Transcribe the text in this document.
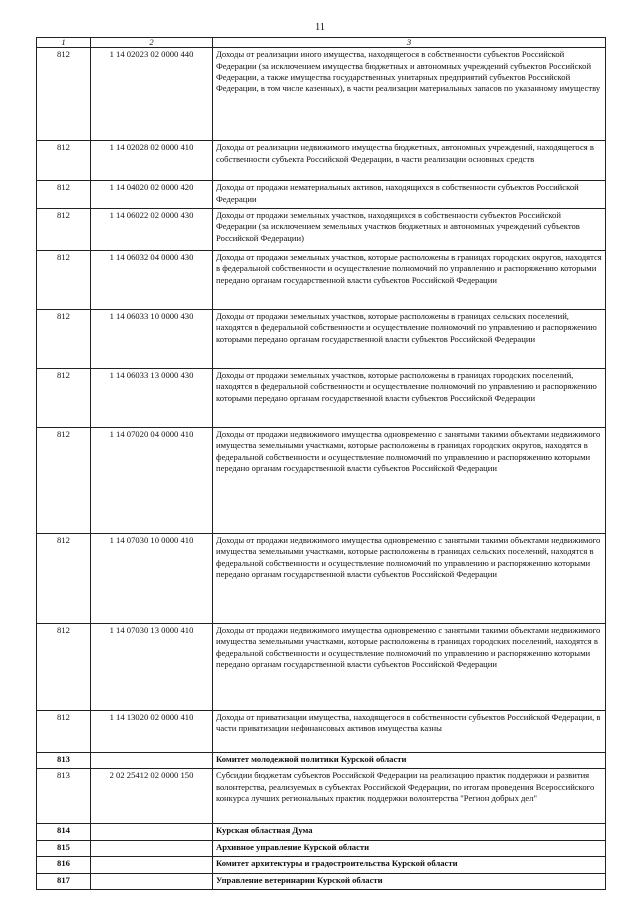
11
1	2	3
812	1 14 02023 02 0000 440	Доходы от реализации иного имущества, находящегося в собственности субъектов Российской Федерации (за исключением имущества бюджетных и автономных учреждений субъектов Российской Федерации, а также имущества государственных унитарных предприятий субъектов Российской Федерации, в том числе казенных), в части реализации материальных запасов по указанному имуществу
812	1 14 02028 02 0000 410	Доходы от реализации недвижимого имущества бюджетных, автономных учреждений, находящегося в собственности субъекта Российской Федерации, в части реализации основных средств
812	1 14 04020 02 0000 420	Доходы от продажи нематериальных активов, находящихся в собственности субъектов Российской Федерации
812	1 14 06022 02 0000 430	Доходы от продажи земельных участков, находящихся в собственности субъектов Российской Федерации (за исключением земельных участков бюджетных и автономных учреждений субъектов Российской Федерации)
812	1 14 06032 04 0000 430	Доходы от продажи земельных участков, которые расположены в границах городских округов, находятся в федеральной собственности и осуществление полномочий по управлению и распоряжению которыми передано органам государственной власти субъектов Российской Федерации
812	1 14 06033 10 0000 430	Доходы от продажи земельных участков, которые расположены в границах сельских поселений, находятся в федеральной собственности и осуществление полномочий по управлению и распоряжению которыми передано органам государственной власти субъектов Российской Федерации
812	1 14 06033 13 0000 430	Доходы от продажи земельных участков, которые расположены в границах городских поселений, находятся в федеральной собственности и осуществление полномочий по управлению и распоряжению которыми передано органам государственной власти субъектов Российской Федерации
812	1 14 07020 04 0000 410	Доходы от продажи недвижимого имущества одновременно с занятыми такими объектами недвижимого имущества земельными участками, которые расположены в границах городских округов, находятся в федеральной собственности и осуществление полномочий по управлению и распоряжению которыми передано органам государственной власти субъектов Российской Федерации
812	1 14 07030 10 0000 410	Доходы от продажи недвижимого имущества одновременно с занятыми такими объектами недвижимого имущества земельными участками, которые расположены в границах сельских поселений, находятся в федеральной собственности и осуществление полномочий по управлению и распоряжению которыми передано органам государственной власти субъектов Российской Федерации
812	1 14 07030 13 0000 410	Доходы от продажи недвижимого имущества одновременно с занятыми такими объектами недвижимого имущества земельными участками, которые расположены в границах городских поселений, находятся в федеральной собственности и осуществление полномочий по управлению и распоряжению которыми передано органам государственной власти субъектов Российской Федерации
812	1 14 13020 02 0000 410	Доходы от приватизации имущества, находящегося в собственности субъектов Российской Федерации, в части приватизации нефинансовых активов имущества казны
813		Комитет молодежной политики Курской области
813	2 02 25412 02 0000 150	Субсидии бюджетам субъектов Российской Федерации на реализацию практик поддержки и развития волонтерства, реализуемых в субъектах Российской Федерации, по итогам проведения Всероссийского конкурса лучших региональных практик поддержки волонтерства "Регион добрых дел"
814		Курская областная Дума
815		Архивное управление Курской области
816		Комитет архитектуры и градостроительства Курской области
817		Управление ветеринарии Курской области
